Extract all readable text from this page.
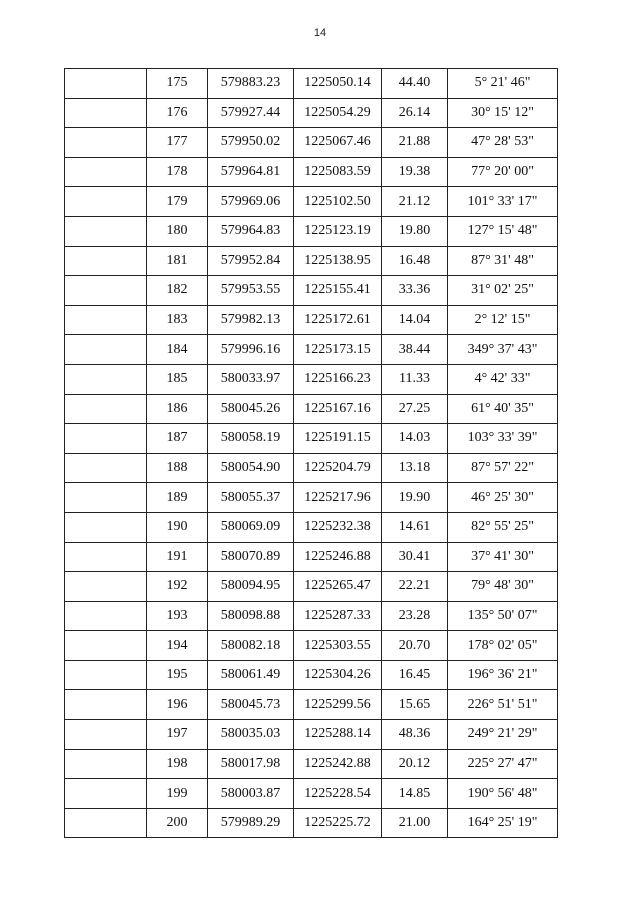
14
	175	579883.23	1225050.14	44.40	5° 21' 46"
	176	579927.44	1225054.29	26.14	30° 15' 12"
	177	579950.02	1225067.46	21.88	47° 28' 53"
	178	579964.81	1225083.59	19.38	77° 20' 00"
	179	579969.06	1225102.50	21.12	101° 33' 17"
	180	579964.83	1225123.19	19.80	127° 15' 48"
	181	579952.84	1225138.95	16.48	87° 31' 48"
	182	579953.55	1225155.41	33.36	31° 02' 25"
	183	579982.13	1225172.61	14.04	2° 12' 15"
	184	579996.16	1225173.15	38.44	349° 37' 43"
	185	580033.97	1225166.23	11.33	4° 42' 33"
	186	580045.26	1225167.16	27.25	61° 40' 35"
	187	580058.19	1225191.15	14.03	103° 33' 39"
	188	580054.90	1225204.79	13.18	87° 57' 22"
	189	580055.37	1225217.96	19.90	46° 25' 30"
	190	580069.09	1225232.38	14.61	82° 55' 25"
	191	580070.89	1225246.88	30.41	37° 41' 30"
	192	580094.95	1225265.47	22.21	79° 48' 30"
	193	580098.88	1225287.33	23.28	135° 50' 07"
	194	580082.18	1225303.55	20.70	178° 02' 05"
	195	580061.49	1225304.26	16.45	196° 36' 21"
	196	580045.73	1225299.56	15.65	226° 51' 51"
	197	580035.03	1225288.14	48.36	249° 21' 29"
	198	580017.98	1225242.88	20.12	225° 27' 47"
	199	580003.87	1225228.54	14.85	190° 56' 48"
	200	579989.29	1225225.72	21.00	164° 25' 19"
